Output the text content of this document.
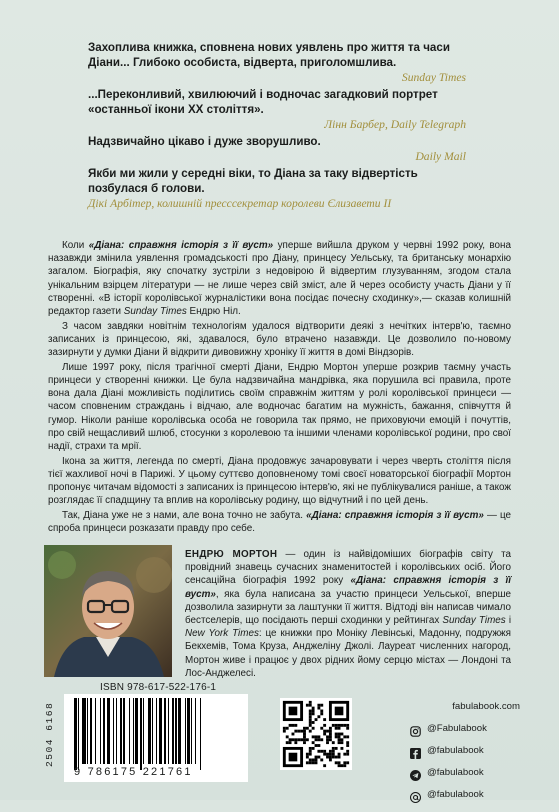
Захоплива книжка, сповнена нових уявлень про життя та часи Діани... Глибоко особиста, відверта, приголомшлива.
Sunday Times
...Переконливий, хвилюючий і водночас загадковий портрет «останньої ікони XX століття».
Лінн Барбер, Daily Telegraph
Надзвичайно цікаво і дуже зворушливо.
Daily Mail
Якби ми жили у середні віки, то Діана за таку відвертість позбулася б голови.
Дікі Арбітер, колишній пресссекретар королеви Єлизавети II

Коли «Діана: справжня історія з її вуст» уперше вийшла друком у червні 1992 року, вона назавжди змінила уявлення громадськості про Діану, принцесу Уельську, та британську монархію загалом. Біографія, яку спочатку зустріли з недовірою й відвертим глузуванням, згодом стала унікальним взірцем літератури — не лише через свій зміст, але й через особисту участь Діани у її створенні. «В історії королівської журналістики вона посідає почесну сходинку»,— сказав колишній редактор газети Sunday Times Ендрю Ніл.

З часом завдяки новітнім технологіям удалося відтворити деякі з нечітких інтерв'ю, таємно записаних із принцесою, які, здавалося, було втрачено назавжди. Це дозволило по-новому зазирнути у думки Діани й відкрити дивовижну хроніку її життя в домі Віндзорів.

Лише 1997 року, після трагічної смерті Діани, Ендрю Мортон уперше розкрив таємну участь принцеси у створенні книжки. Це була надзвичайна мандрівка, яка порушила всі правила, проте вона дала Діані можливість поділитись своїм справжнім життям у ролі королівської принцеси — часом сповненим страждань і відчаю, але водночас багатим на мужність, бажання, співчуття й гумор. Ніколи раніше королівська особа не говорила так прямо, не приховуючи емоцій і почуттів, про свій нещасливий шлюб, стосунки з королевою та іншими членами королівської родини, про свої надії, страхи та мрії.

Ікона за життя, легенда по смерті, Діана продовжує зачаровувати і через чверть століття після тієї жахливої ночі в Парижі. У цьому суттєво доповненому томі своєї новаторської біографії Мортон пропонує читачам відомості з записаних із принцесою інтерв'ю, які не публікувалися раніше, а також розглядає її спадщину та вплив на королівську родину, що відчутний і по цей день.

Так, Діана уже не з нами, але вона точно не забута. «Діана: справжня історія з її вуст» — це спроба принцеси розказати правду про себе.

ЕНДРЮ МОРТОН — один із найвідоміших біографів світу та провідний знавець сучасних знаменитостей і королівських осіб. Його сенсаційна біографія 1992 року «Діана: справжня історія з її вуст», яка була написана за участю принцеси Уельської, вперше дозволила зазирнути за лаштунки її життя. Відтоді він написав чимало бестселерів, що посідають перші сходинки у рейтингах Sunday Times і New York Times: це книжки про Моніку Левінські, Мадонну, подружжя Бекхемів, Тома Круза, Анджеліну Джолі. Лауреат численних нагород, Мортон живе і працює у двох рідних йому серцю містах — Лондоні та Лос-Анджелесі.
ISBN 978-617-522-176-1
2504 6168
9 786175 221761
fabulabook.com
@Fabulabook
@fabulabook
@fabulabook
@fabulabook
